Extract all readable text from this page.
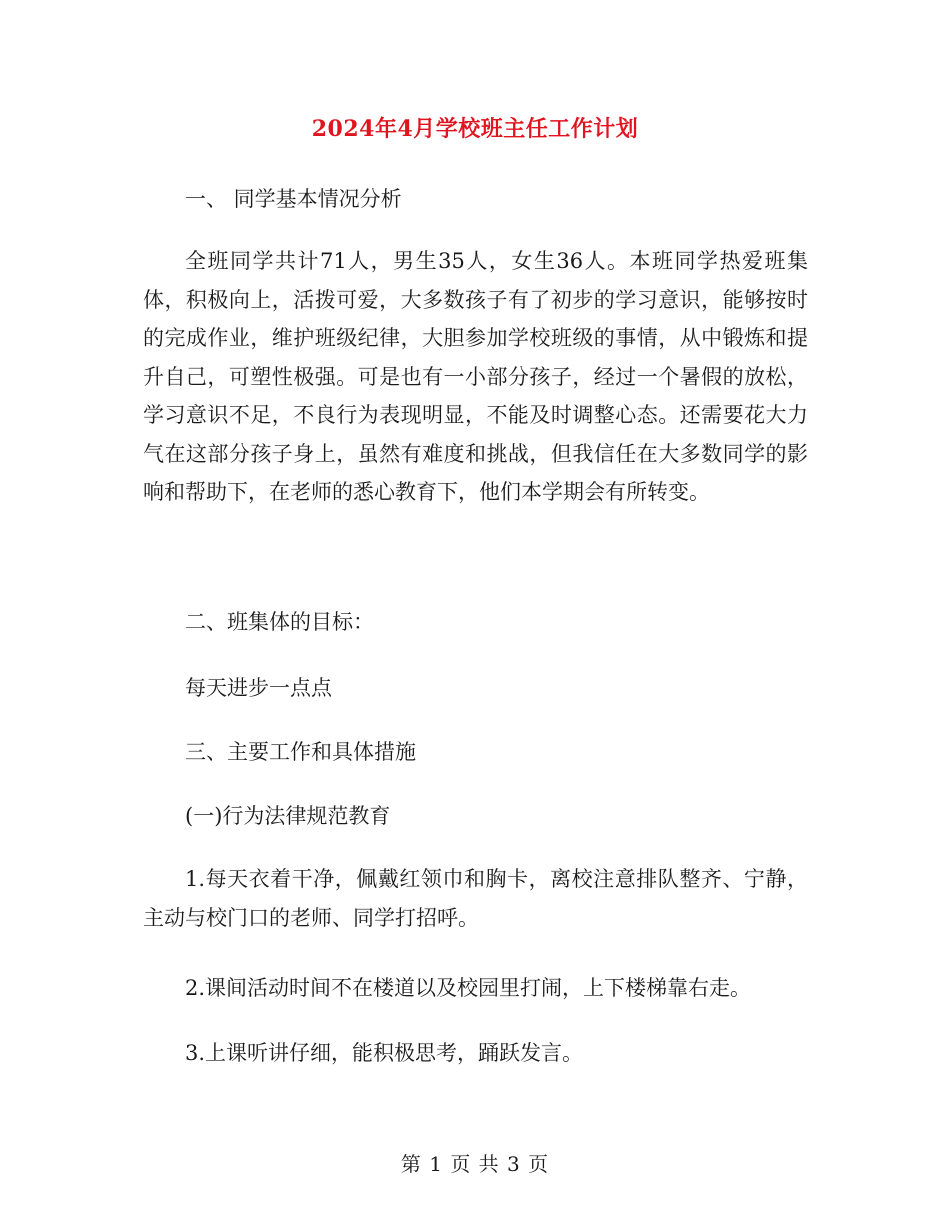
2024年4月学校班主任工作计划

一、 同学基本情况分析

全班同学共计71人，男生35人，女生36人。本班同学热爱班集体，积极向上，活拨可爱，大多数孩子有了初步的学习意识，能够按时的完成作业，维护班级纪律，大胆参加学校班级的事情，从中锻炼和提升自己，可塑性极强。可是也有一小部分孩子，经过一个暑假的放松，学习意识不足，不良行为表现明显，不能及时调整心态。还需要花大力气在这部分孩子身上，虽然有难度和挑战，但我信任在大多数同学的影响和帮助下，在老师的悉心教育下，他们本学期会有所转变。

二、班集体的目标：

每天进步一点点

三、主要工作和具体措施

(一)行为法律规范教育

1.每天衣着干净，佩戴红领巾和胸卡，离校注意排队整齐、宁静，主动与校门口的老师、同学打招呼。

2.课间活动时间不在楼道以及校园里打闹，上下楼梯靠右走。

3.上课听讲仔细，能积极思考，踊跃发言。

第 1 页 共 3 页
